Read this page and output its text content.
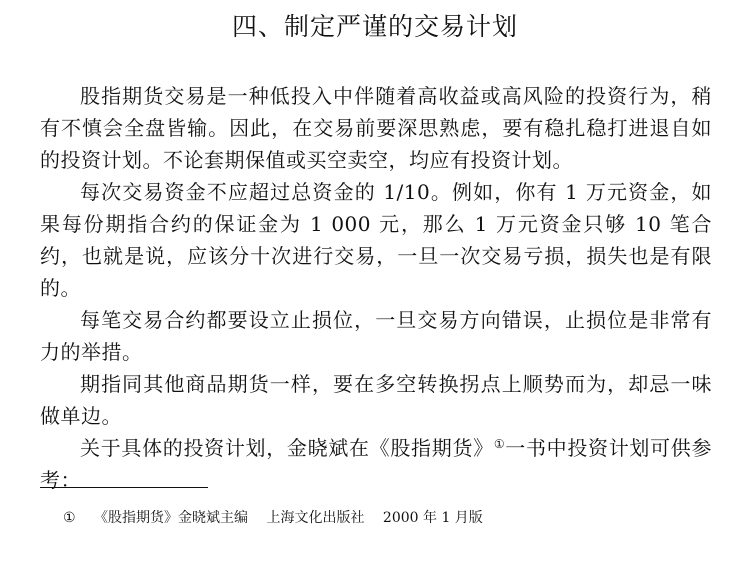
四、制定严谨的交易计划

股指期货交易是一种低投入中伴随着高收益或高风险的投资行为，稍有不慎会全盘皆输。因此，在交易前要深思熟虑，要有稳扎稳打进退自如的投资计划。不论套期保值或买空卖空，均应有投资计划。

每次交易资金不应超过总资金的 1/10。例如，你有 1 万元资金，如果每份期指合约的保证金为 1 000 元，那么 1 万元资金只够 10 笔合约，也就是说，应该分十次进行交易，一旦一次交易亏损，损失也是有限的。

每笔交易合约都要设立止损位，一旦交易方向错误，止损位是非常有力的举措。

期指同其他商品期货一样，要在多空转换拐点上顺势而为，却忌一味做单边。

关于具体的投资计划，金晓斌在《股指期货》①一书中投资计划可供参考：

① 《股指期货》金晓斌主编 上海文化出版社 2000 年 1 月版
